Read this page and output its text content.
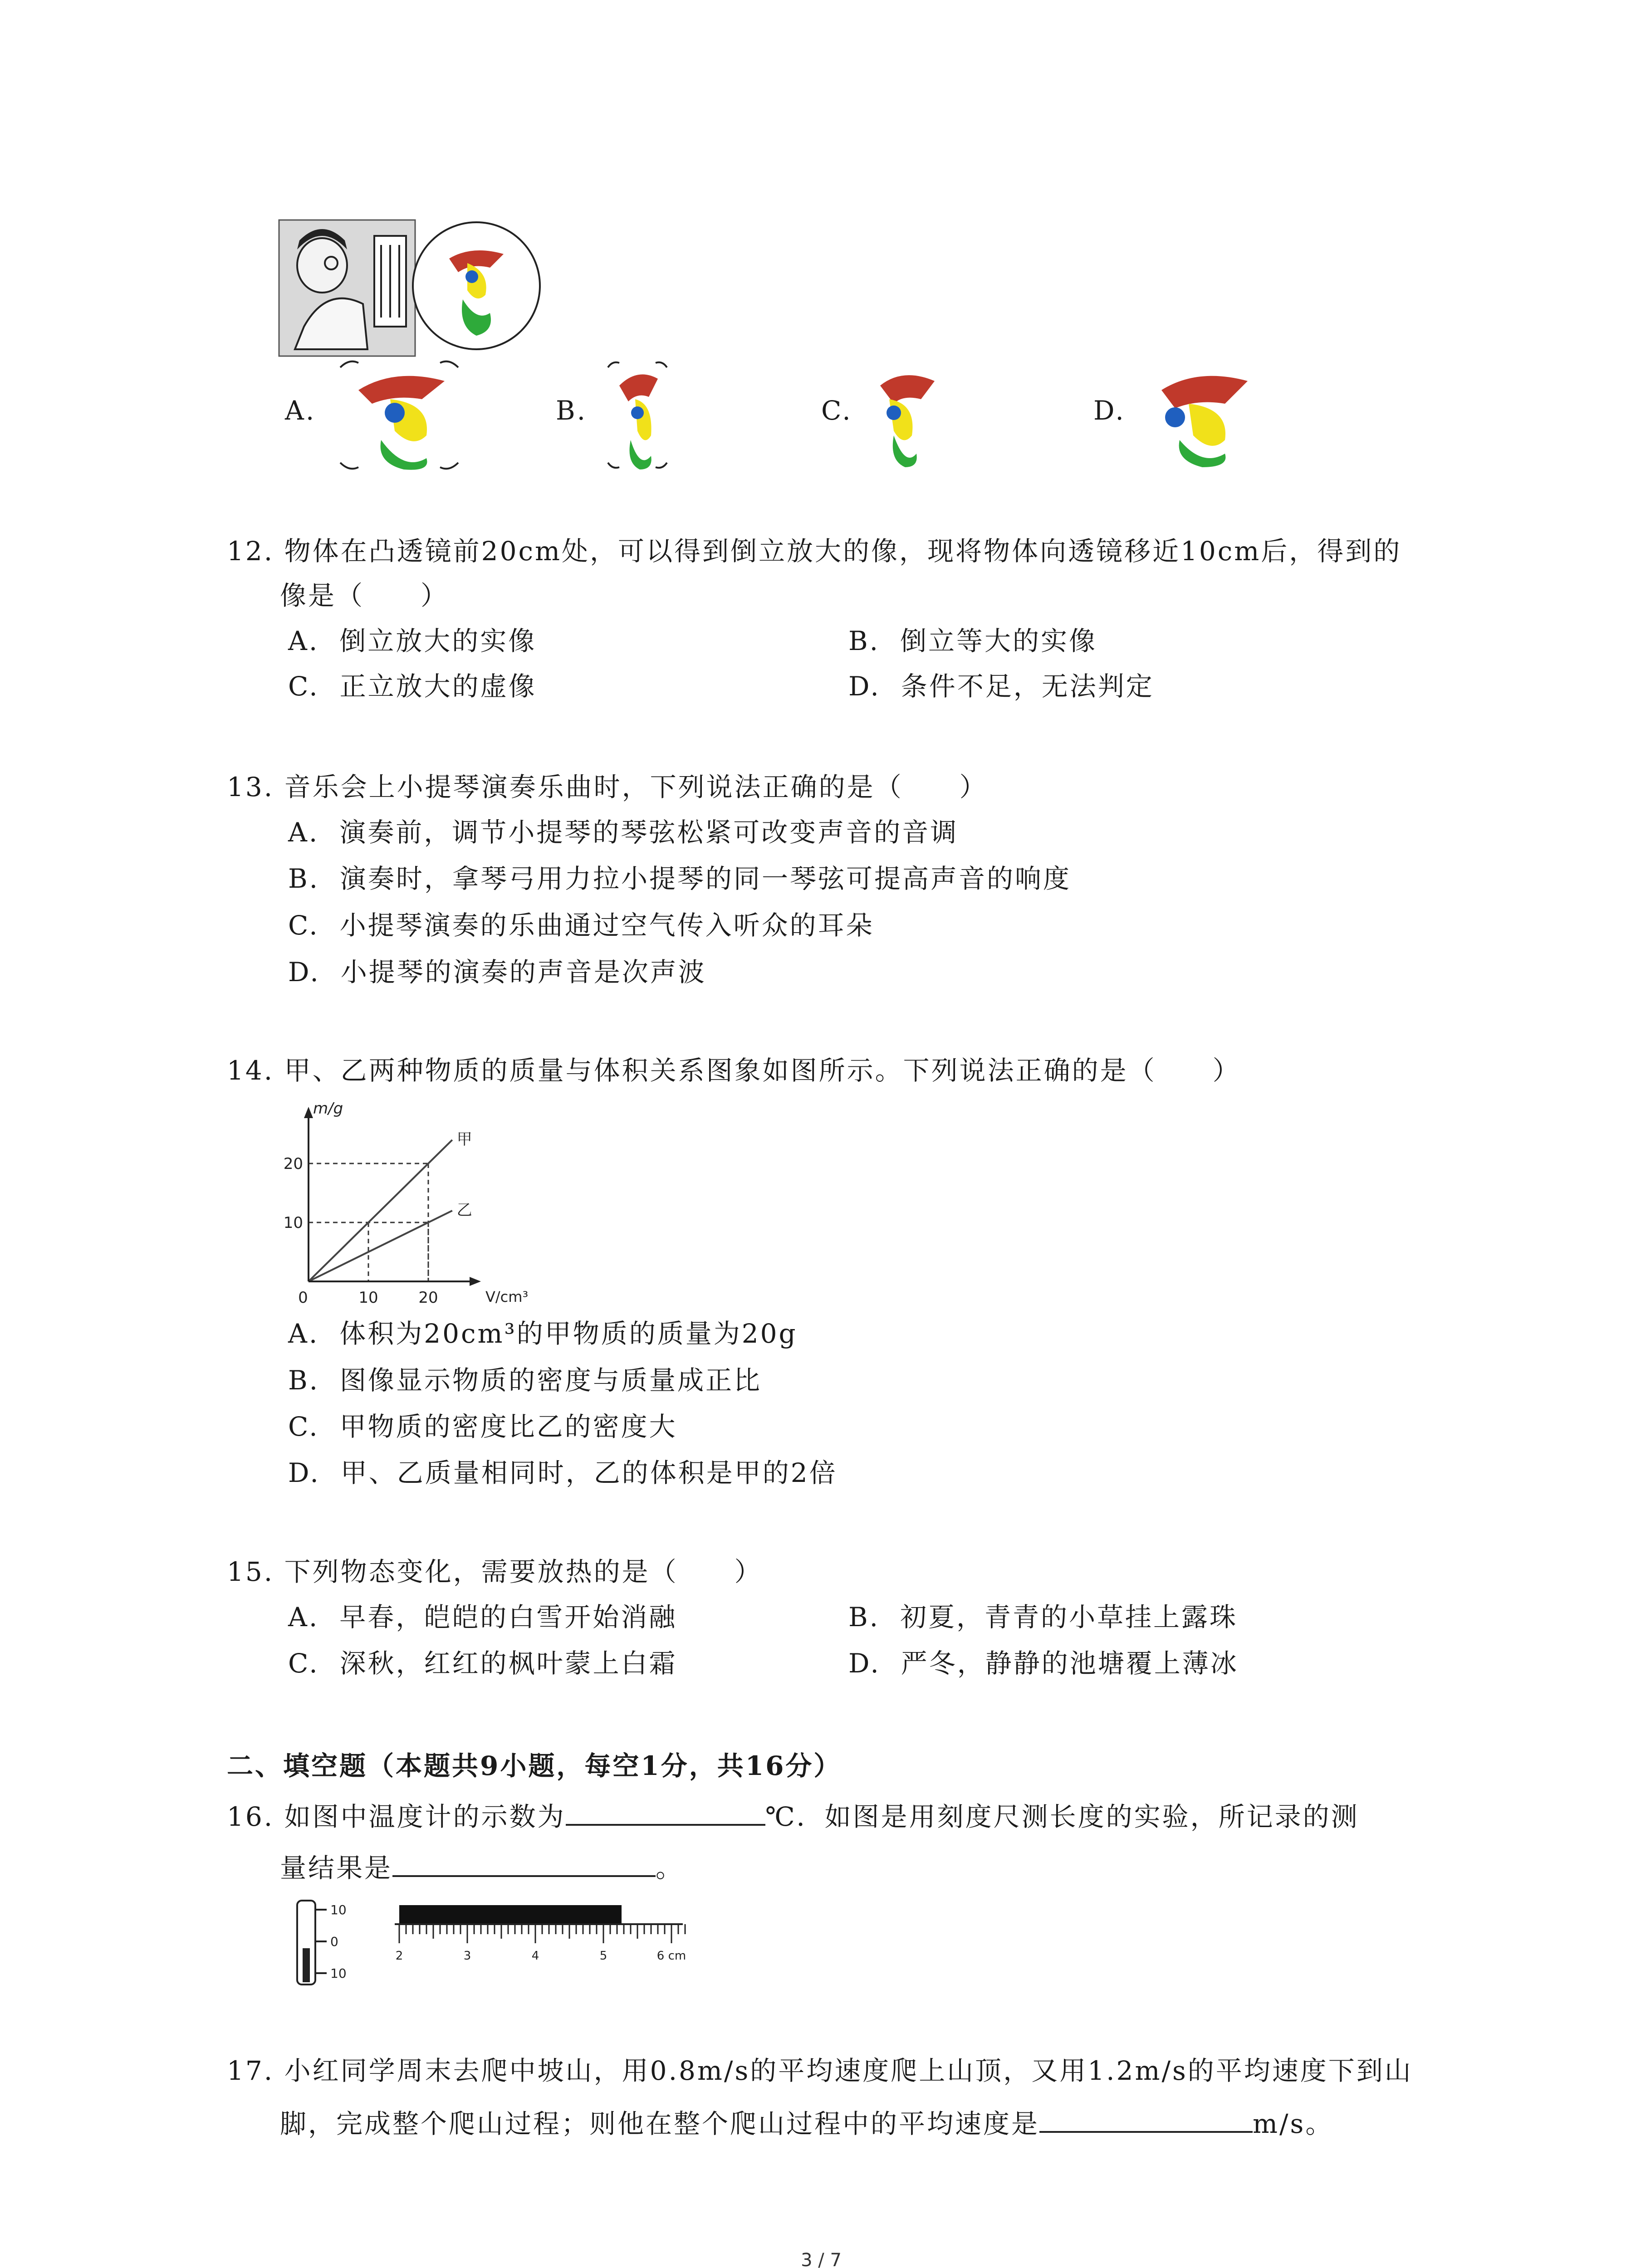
A.	B.	C.	D.
12. 物体在凸透镜前20cm处，可以得到倒立放大的像，现将物体向透镜移近10cm后，得到的
像是（　　）
A. 倒立放大的实像	B. 倒立等大的实像
C. 正立放大的虚像	D. 条件不足，无法判定
13. 音乐会上小提琴演奏乐曲时，下列说法正确的是（　　）
A. 演奏前，调节小提琴的琴弦松紧可改变声音的音调
B. 演奏时，拿琴弓用力拉小提琴的同一琴弦可提高声音的响度
C. 小提琴演奏的乐曲通过空气传入听众的耳朵
D. 小提琴的演奏的声音是次声波
14. 甲、乙两种物质的质量与体积关系图象如图所示。下列说法正确的是（　　）
甲
乙
m/g
V/cm³
0	10	20
10
20
A. 体积为20cm³的甲物质的质量为20g
B. 图像显示物质的密度与质量成正比
C. 甲物质的密度比乙的密度大
D. 甲、乙质量相同时，乙的体积是甲的2倍
15. 下列物态变化，需要放热的是（　　）
A. 早春，皑皑的白雪开始消融	B. 初夏，青青的小草挂上露珠
C. 深秋，红红的枫叶蒙上白霜	D. 严冬，静静的池塘覆上薄冰
二、填空题（本题共9小题，每空1分，共16分）
16. 如图中温度计的示数为	℃．如图是用刻度尺测长度的实验，所记录的测
量结果是	。
10
0
10
2	3	4	5	6 cm
17. 小红同学周末去爬中坡山，用0.8m/s的平均速度爬上山顶，又用1.2m/s的平均速度下到山
脚，完成整个爬山过程；则他在整个爬山过程中的平均速度是	m/s。
3 / 7
